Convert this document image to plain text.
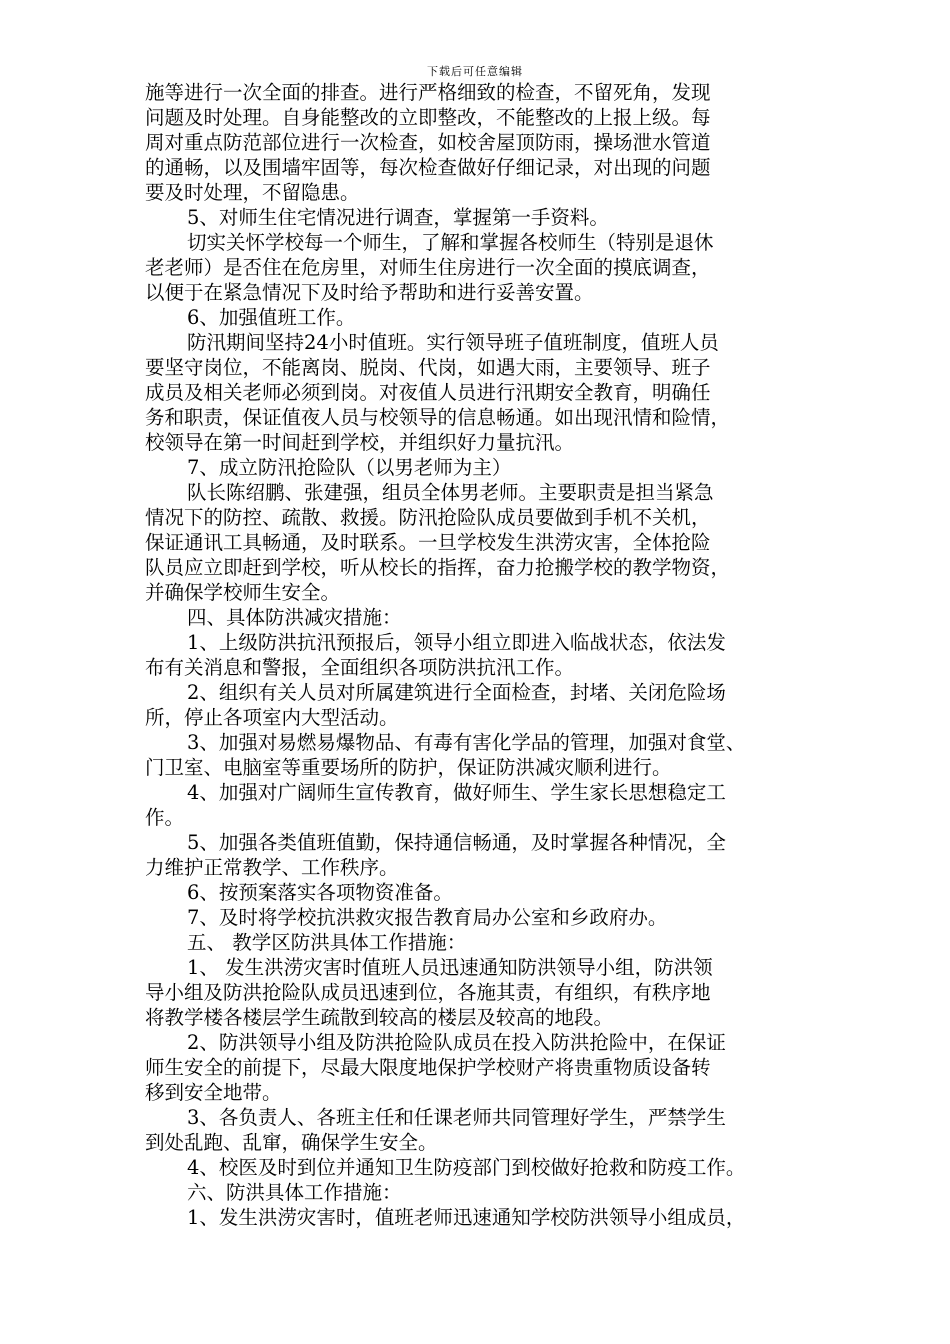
下载后可任意编辑
施等进行一次全面的排查。进行严格细致的检查，不留死角，发现
问题及时处理。自身能整改的立即整改，不能整改的上报上级。每
周对重点防范部位进行一次检查，如校舍屋顶防雨，操场泄水管道
的通畅，以及围墙牢固等，每次检查做好仔细记录，对出现的问题
要及时处理，不留隐患。
5、对师生住宅情况进行调查，掌握第一手资料。
切实关怀学校每一个师生，了解和掌握各校师生（特别是退休
老老师）是否住在危房里，对师生住房进行一次全面的摸底调查，
以便于在紧急情况下及时给予帮助和进行妥善安置。
6、加强值班工作。
防汛期间坚持24小时值班。实行领导班子值班制度，值班人员
要坚守岗位，不能离岗、脱岗、代岗，如遇大雨，主要领导、班子
成员及相关老师必须到岗。对夜值人员进行汛期安全教育，明确任
务和职责，保证值夜人员与校领导的信息畅通。如出现汛情和险情，
校领导在第一时间赶到学校，并组织好力量抗汛。
7、成立防汛抢险队（以男老师为主）
队长陈绍鹏、张建强，组员全体男老师。主要职责是担当紧急
情况下的防控、疏散、救援。防汛抢险队成员要做到手机不关机，
保证通讯工具畅通，及时联系。一旦学校发生洪涝灾害，全体抢险
队员应立即赶到学校，听从校长的指挥，奋力抢搬学校的教学物资，
并确保学校师生安全。
四、具体防洪减灾措施：
1、上级防洪抗汛预报后，领导小组立即进入临战状态，依法发
布有关消息和警报，全面组织各项防洪抗汛工作。
2、组织有关人员对所属建筑进行全面检查，封堵、关闭危险场
所，停止各项室内大型活动。
3、加强对易燃易爆物品、有毒有害化学品的管理，加强对食堂、
门卫室、电脑室等重要场所的防护，保证防洪减灾顺利进行。
4、加强对广阔师生宣传教育，做好师生、学生家长思想稳定工
作。
5、加强各类值班值勤，保持通信畅通，及时掌握各种情况，全
力维护正常教学、工作秩序。
6、按预案落实各项物资准备。
7、及时将学校抗洪救灾报告教育局办公室和乡政府办。
五、 教学区防洪具体工作措施：
1、 发生洪涝灾害时值班人员迅速通知防洪领导小组，防洪领
导小组及防洪抢险队成员迅速到位，各施其责，有组织，有秩序地
将教学楼各楼层学生疏散到较高的楼层及较高的地段。
2、防洪领导小组及防洪抢险队成员在投入防洪抢险中，在保证
师生安全的前提下，尽最大限度地保护学校财产将贵重物质设备转
移到安全地带。
3、各负责人、各班主任和任课老师共同管理好学生，严禁学生
到处乱跑、乱窜，确保学生安全。
4、校医及时到位并通知卫生防疫部门到校做好抢救和防疫工作。
六、防洪具体工作措施：
1、发生洪涝灾害时，值班老师迅速通知学校防洪领导小组成员，
